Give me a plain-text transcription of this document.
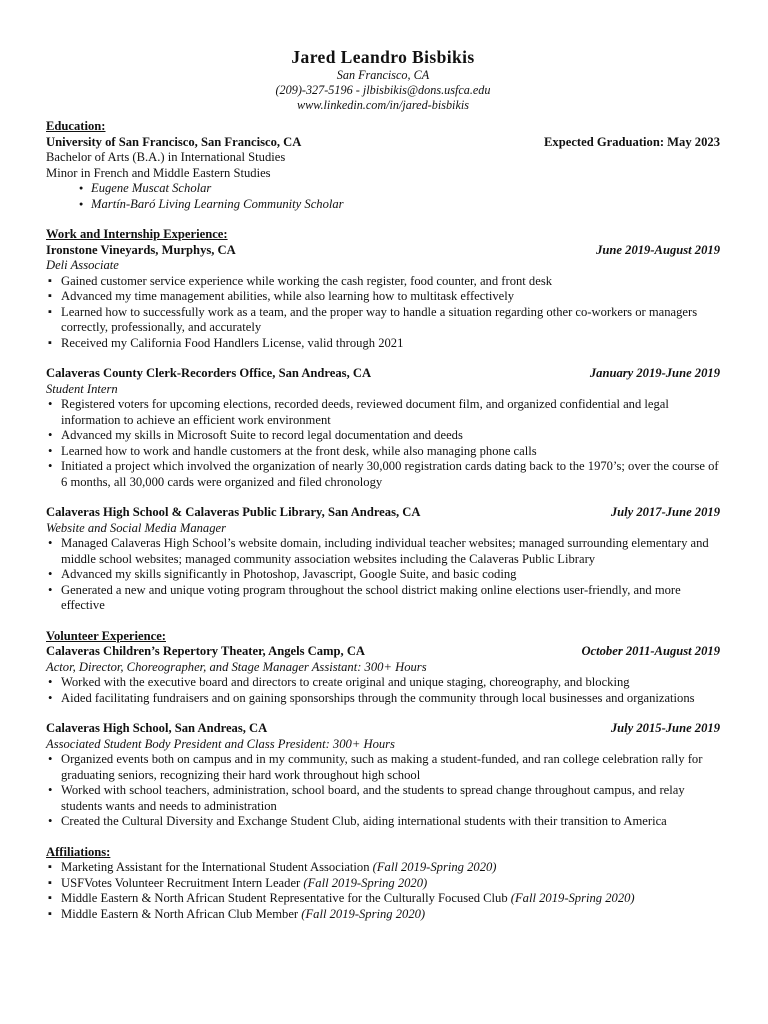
Jared Leandro Bisbikis
San Francisco, CA
(209)-327-5196 - jlbisbikis@dons.usfca.edu
www.linkedin.com/in/jared-bisbikis
Education:
University of San Francisco, San Francisco, CA	Expected Graduation: May 2023
Bachelor of Arts (B.A.) in International Studies
Minor in French and Middle Eastern Studies
● Eugene Muscat Scholar
● Martín-Baró Living Learning Community Scholar
Work and Internship Experience:
Ironstone Vineyards, Murphys, CA	June 2019-August 2019
Deli Associate
▪ Gained customer service experience while working the cash register, food counter, and front desk
▪ Advanced my time management abilities, while also learning how to multitask effectively
▪ Learned how to successfully work as a team, and the proper way to handle a situation regarding other co-workers or managers correctly, professionally, and accurately
▪ Received my California Food Handlers License, valid through 2021
Calaveras County Clerk-Recorders Office, San Andreas, CA	January 2019-June 2019
Student Intern
• Registered voters for upcoming elections, recorded deeds, reviewed document film, and organized confidential and legal information to achieve an efficient work environment
• Advanced my skills in Microsoft Suite to record legal documentation and deeds
• Learned how to work and handle customers at the front desk, while also managing phone calls
• Initiated a project which involved the organization of nearly 30,000 registration cards dating back to the 1970’s; over the course of 6 months, all 30,000 cards were organized and filed chronology
Calaveras High School & Calaveras Public Library, San Andreas, CA	July 2017-June 2019
Website and Social Media Manager
• Managed Calaveras High School’s website domain, including individual teacher websites; managed surrounding elementary and middle school websites; managed community association websites including the Calaveras Public Library
• Advanced my skills significantly in Photoshop, Javascript, Google Suite, and basic coding
• Generated a new and unique voting program throughout the school district making online elections user-friendly, and more effective
Volunteer Experience:
Calaveras Children’s Repertory Theater, Angels Camp, CA	October 2011-August 2019
Actor, Director, Choreographer, and Stage Manager Assistant: 300+ Hours
• Worked with the executive board and directors to create original and unique staging, choreography, and blocking
• Aided facilitating fundraisers and on gaining sponsorships through the community through local businesses and organizations
Calaveras High School, San Andreas, CA	July 2015-June 2019
Associated Student Body President and Class President: 300+ Hours
• Organized events both on campus and in my community, such as making a student-funded, and ran college celebration rally for graduating seniors, recognizing their hard work throughout high school
• Worked with school teachers, administration, school board, and the students to spread change throughout campus, and relay students wants and needs to administration
• Created the Cultural Diversity and Exchange Student Club, aiding international students with their transition to America
Affiliations:
▪ Marketing Assistant for the International Student Association (Fall 2019-Spring 2020)
▪ USFVotes Volunteer Recruitment Intern Leader (Fall 2019-Spring 2020)
▪ Middle Eastern & North African Student Representative for the Culturally Focused Club (Fall 2019-Spring 2020)
▪ Middle Eastern & North African Club Member (Fall 2019-Spring 2020)
